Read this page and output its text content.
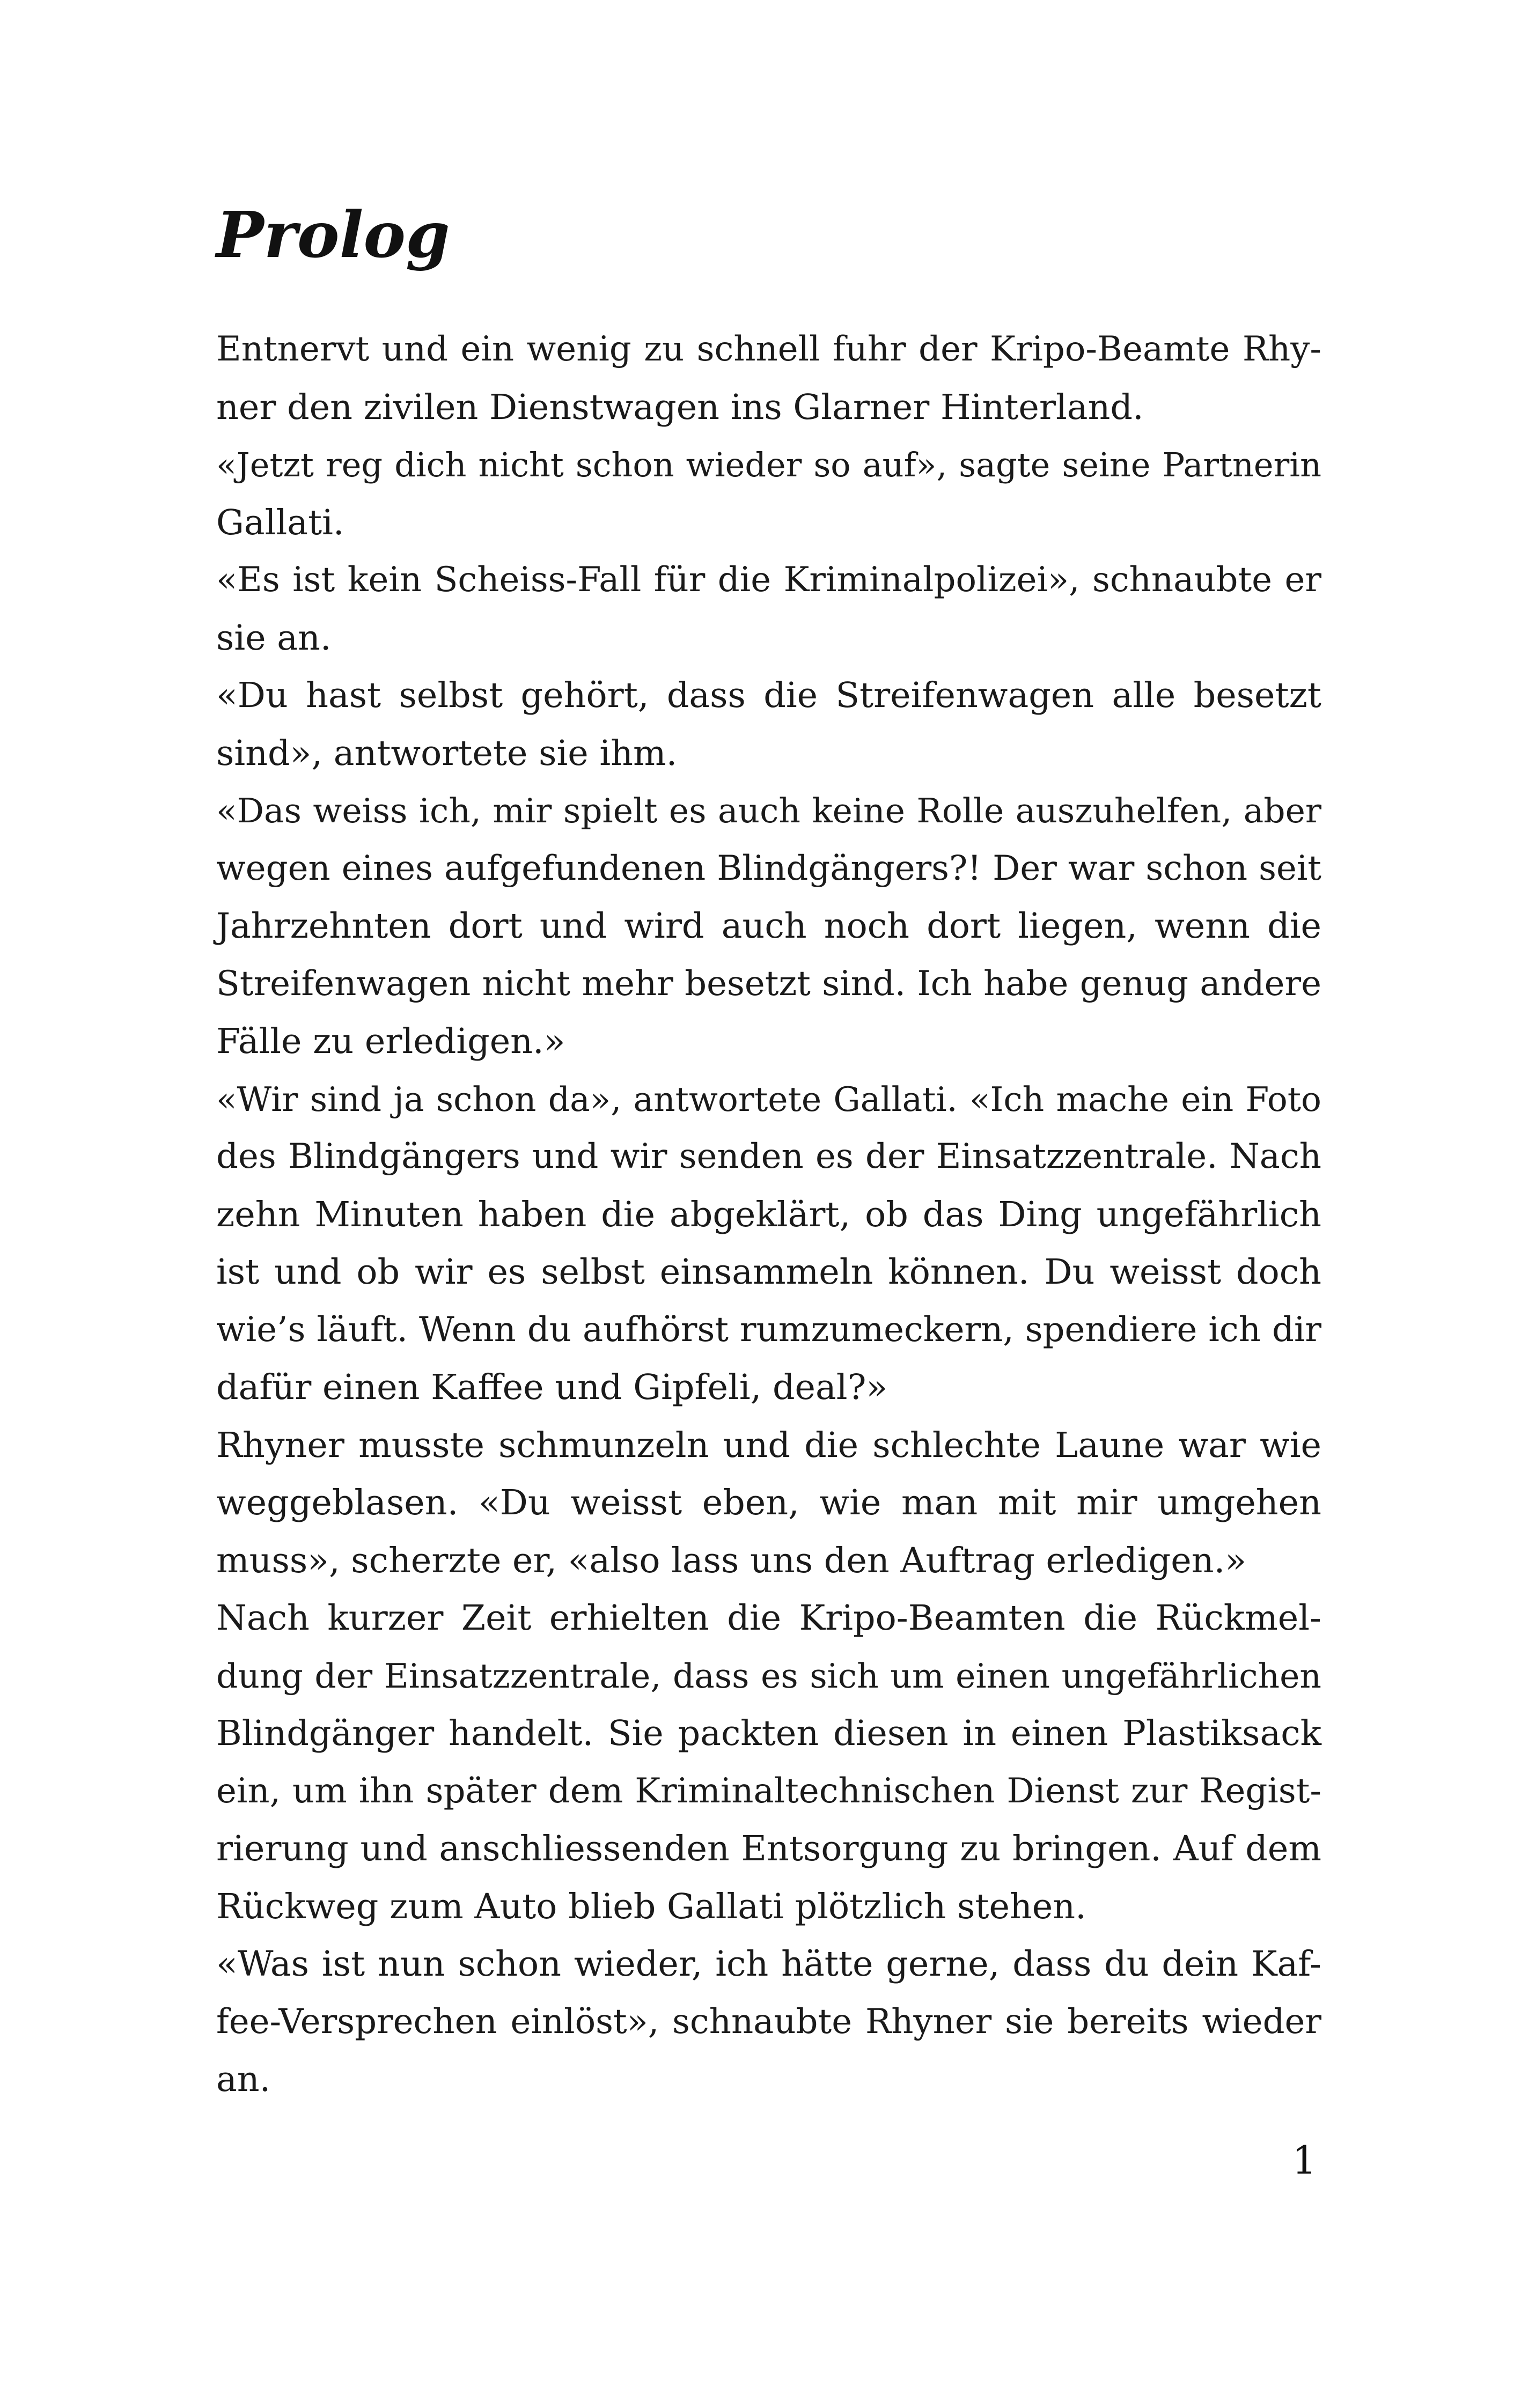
Prolog
Entnervt und ein wenig zu schnell fuhr der Kripo-Beamte Rhy-
ner den zivilen Dienstwagen ins Glarner Hinterland.
«Jetzt reg dich nicht schon wieder so auf», sagte seine Partnerin
Gallati.
«Es ist kein Scheiss-Fall für die Kriminalpolizei», schnaubte er
sie an.
«Du hast selbst gehört, dass die Streifenwagen alle besetzt
sind», antwortete sie ihm.
«Das weiss ich, mir spielt es auch keine Rolle auszuhelfen, aber
wegen eines aufgefundenen Blindgängers?! Der war schon seit
Jahrzehnten dort und wird auch noch dort liegen, wenn die
Streifenwagen nicht mehr besetzt sind. Ich habe genug andere
Fälle zu erledigen.»
«Wir sind ja schon da», antwortete Gallati. «Ich mache ein Foto
des Blindgängers und wir senden es der Einsatzzentrale. Nach
zehn Minuten haben die abgeklärt, ob das Ding ungefährlich
ist und ob wir es selbst einsammeln können. Du weisst doch
wie’s läuft. Wenn du aufhörst rumzumeckern, spendiere ich dir
dafür einen Kaffee und Gipfeli, deal?»
Rhyner musste schmunzeln und die schlechte Laune war wie
weggeblasen. «Du weisst eben, wie man mit mir umgehen
muss», scherzte er, «also lass uns den Auftrag erledigen.»
Nach kurzer Zeit erhielten die Kripo-Beamten die Rückmel-
dung der Einsatzzentrale, dass es sich um einen ungefährlichen
Blindgänger handelt. Sie packten diesen in einen Plastiksack
ein, um ihn später dem Kriminaltechnischen Dienst zur Regist-
rierung und anschliessenden Entsorgung zu bringen. Auf dem
Rückweg zum Auto blieb Gallati plötzlich stehen.
«Was ist nun schon wieder, ich hätte gerne, dass du dein Kaf-
fee-Versprechen einlöst», schnaubte Rhyner sie bereits wieder
an.
1
